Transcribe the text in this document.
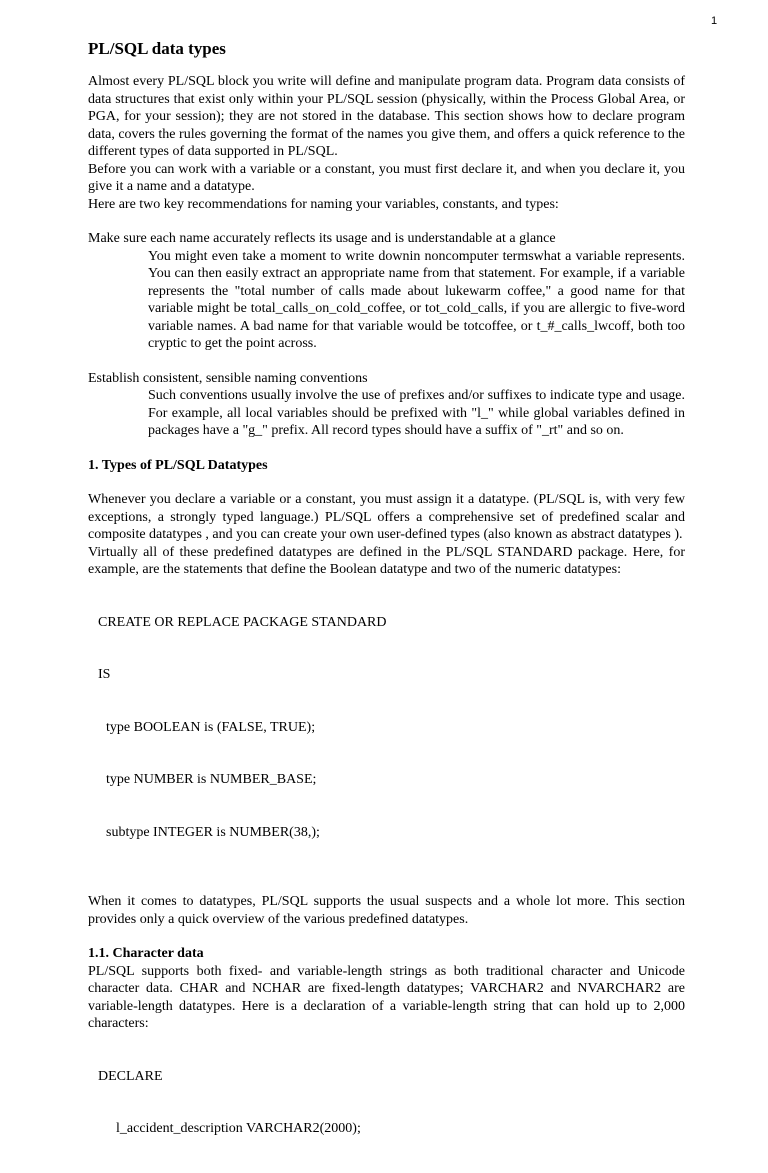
1
PL/SQL data types

Almost every PL/SQL block you write will define and manipulate program data. Program data consists of data structures that exist only within your PL/SQL session (physically, within the Process Global Area, or PGA, for your session); they are not stored in the database. This section shows how to declare program data, covers the rules governing the format of the names you give them, and offers a quick reference to the different types of data supported in PL/SQL.

Before you can work with a variable or a constant, you must first declare it, and when you declare it, you give it a name and a datatype.

Here are two key recommendations for naming your variables, constants, and types:

Make sure each name accurately reflects its usage and is understandable at a glance

You might even take a moment to write downin noncomputer termswhat a variable represents. You can then easily extract an appropriate name from that statement. For example, if a variable represents the "total number of calls made about lukewarm coffee," a good name for that variable might be total_calls_on_cold_coffee, or tot_cold_calls, if you are allergic to five-word variable names. A bad name for that variable would be totcoffee, or t_#_calls_lwcoff, both too cryptic to get the point across.

Establish consistent, sensible naming conventions

Such conventions usually involve the use of prefixes and/or suffixes to indicate type and usage. For example, all local variables should be prefixed with "l_" while global variables defined in packages have a "g_" prefix. All record types should have a suffix of "_rt" and so on.

1. Types of PL/SQL Datatypes

Whenever you declare a variable or a constant, you must assign it a datatype. (PL/SQL is, with very few exceptions, a strongly typed language.) PL/SQL offers a comprehensive set of predefined scalar and composite datatypes , and you can create your own user-defined types (also known as abstract datatypes ).

Virtually all of these predefined datatypes are defined in the PL/SQL STANDARD package. Here, for example, are the statements that define the Boolean datatype and two of the numeric datatypes:

CREATE OR REPLACE PACKAGE STANDARD

IS

type BOOLEAN is (FALSE, TRUE);

type NUMBER is NUMBER_BASE;

subtype INTEGER is NUMBER(38,);

When it comes to datatypes, PL/SQL supports the usual suspects and a whole lot more. This section provides only a quick overview of the various predefined datatypes.

1.1. Character data

PL/SQL supports both fixed- and variable-length strings as both traditional character and Unicode character data. CHAR and NCHAR are fixed-length datatypes; VARCHAR2 and NVARCHAR2 are variable-length datatypes. Here is a declaration of a variable-length string that can hold up to 2,000 characters:

DECLARE

l_accident_description VARCHAR2(2000);
